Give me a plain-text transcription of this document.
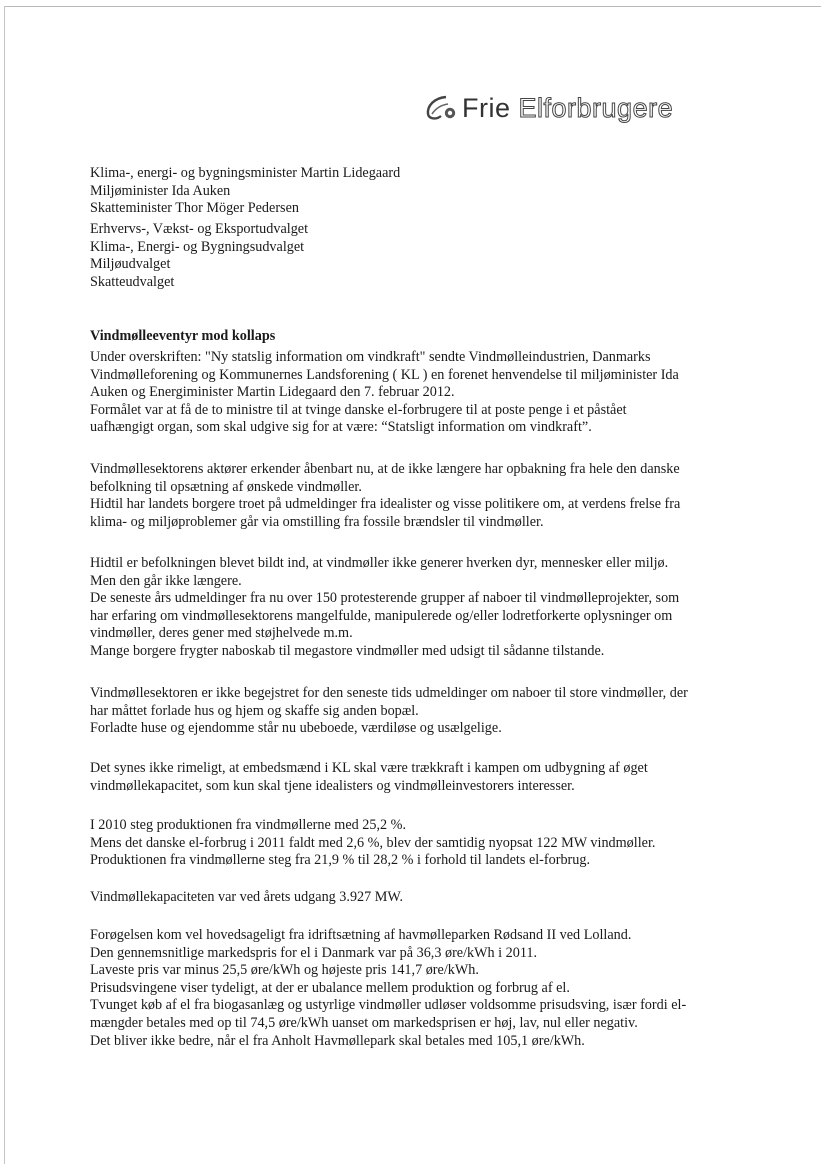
Frie Elforbrugere
Klima-, energi- og bygningsminister Martin Lidegaard
Miljøminister Ida Auken
Skatteminister Thor Möger Pedersen
Erhvervs-, Vækst- og Eksportudvalget
Klima-, Energi- og Bygningsudvalget
Miljøudvalget
Skatteudvalget
Vindmølleeventyr mod kollaps
Under overskriften: "Ny statslig information om vindkraft" sendte Vindmølleindustrien, Danmarks
Vindmølleforening og Kommunernes Landsforening ( KL ) en forenet henvendelse til miljøminister Ida
Auken og Energiminister Martin Lidegaard den 7. februar 2012.
Formålet var at få de to ministre til at tvinge danske el-forbrugere til at poste penge i et påstået
uafhængigt organ, som skal udgive sig for at være: “Statsligt information om vindkraft”.
Vindmøllesektorens aktører erkender åbenbart nu, at de ikke længere har opbakning fra hele den danske
befolkning til opsætning af ønskede vindmøller.
Hidtil har landets borgere troet på udmeldinger fra idealister og visse politikere om, at verdens frelse fra
klima- og miljøproblemer går via omstilling fra fossile brændsler til vindmøller.
Hidtil er befolkningen blevet bildt ind, at vindmøller ikke generer hverken dyr, mennesker eller miljø.
Men den går ikke længere.
De seneste års udmeldinger fra nu over 150 protesterende grupper af naboer til vindmølleprojekter, som
har erfaring om vindmøllesektorens mangelfulde, manipulerede og/eller lodretforkerte oplysninger om
vindmøller, deres gener med støjhelvede m.m.
Mange borgere frygter naboskab til megastore vindmøller med udsigt til sådanne tilstande.
Vindmøllesektoren er ikke begejstret for den seneste tids udmeldinger om naboer til store vindmøller, der
har måttet forlade hus og hjem og skaffe sig anden bopæl.
Forladte huse og ejendomme står nu ubeboede, værdiløse og usælgelige.
Det synes ikke rimeligt, at embedsmænd i KL skal være trækkraft i kampen om udbygning af øget
vindmøllekapacitet, som kun skal tjene idealisters og vindmølleinvestorers interesser.
I 2010 steg produktionen fra vindmøllerne med 25,2 %.
Mens det danske el-forbrug i 2011 faldt med 2,6 %, blev der samtidig nyopsat 122 MW vindmøller.
Produktionen fra vindmøllerne steg fra 21,9 % til 28,2 % i forhold til landets el-forbrug.
Vindmøllekapaciteten var ved årets udgang 3.927 MW.
Forøgelsen kom vel hovedsageligt fra idriftsætning af havmølleparken Rødsand II ved Lolland.
Den gennemsnitlige markedspris for el i Danmark var på 36,3 øre/kWh i 2011.
Laveste pris var minus 25,5 øre/kWh og højeste pris 141,7 øre/kWh.
Prisudsvingene viser tydeligt, at der er ubalance mellem produktion og forbrug af el.
Tvunget køb af el fra biogasanlæg og ustyrlige vindmøller udløser voldsomme prisudsving, især fordi el-
mængder betales med op til 74,5 øre/kWh uanset om markedsprisen er høj, lav, nul eller negativ.
Det bliver ikke bedre, når el fra Anholt Havmøllepark skal betales med 105,1 øre/kWh.
